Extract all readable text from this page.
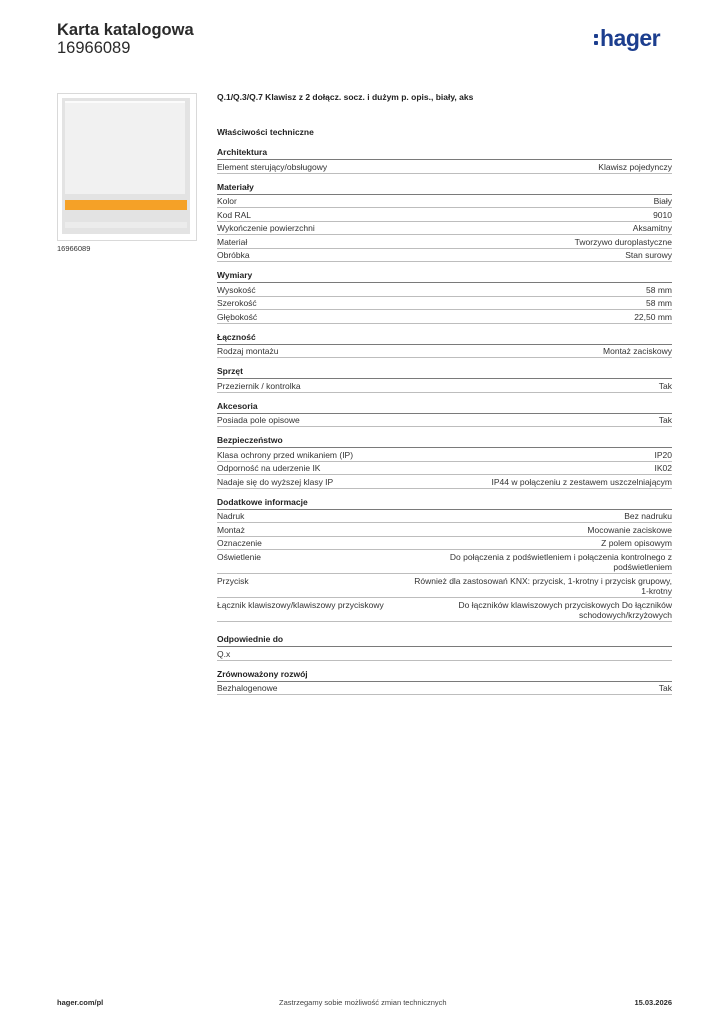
Karta katalogowa
16966089	hager
16966089
Q.1/Q.3/Q.7 Klawisz z 2 dołącz. socz. i dużym p. opis., biały, aks
Właściwości techniczne
Architektura
Element sterujący/obsługowy	Klawisz pojedynczy
Materiały
Kolor	Biały
Kod RAL	9010
Wykończenie powierzchni	Aksamitny
Materiał	Tworzywo duroplastyczne
Obróbka	Stan surowy
Wymiary
Wysokość	58 mm
Szerokość	58 mm
Głębokość	22,50 mm
Łączność
Rodzaj montażu	Montaż zaciskowy
Sprzęt
Przeziernik / kontrolka	Tak
Akcesoria
Posiada pole opisowe	Tak
Bezpieczeństwo
Klasa ochrony przed wnikaniem (IP)	IP20
Odporność na uderzenie IK	IK02
Nadaje się do wyższej klasy IP	IP44 w połączeniu z zestawem uszczelniającym
Dodatkowe informacje
Nadruk	Bez nadruku
Montaż	Mocowanie zaciskowe
Oznaczenie	Z polem opisowym
Oświetlenie	Do połączenia z podświetleniem i połączenia kontrolnego z podświetleniem
Przycisk	Również dla zastosowań KNX: przycisk, 1-krotny i przycisk grupowy, 1-krotny
Łącznik klawiszowy/klawiszowy przyciskowy	Do łączników klawiszowych przyciskowych Do łączników schodowych/krzyżowych
Odpowiednie do
Q.x
Zrównoważony rozwój
Bezhalogenowe	Tak
hager.com/pl	Zastrzegamy sobie możliwość zmian technicznych	15.03.2026
